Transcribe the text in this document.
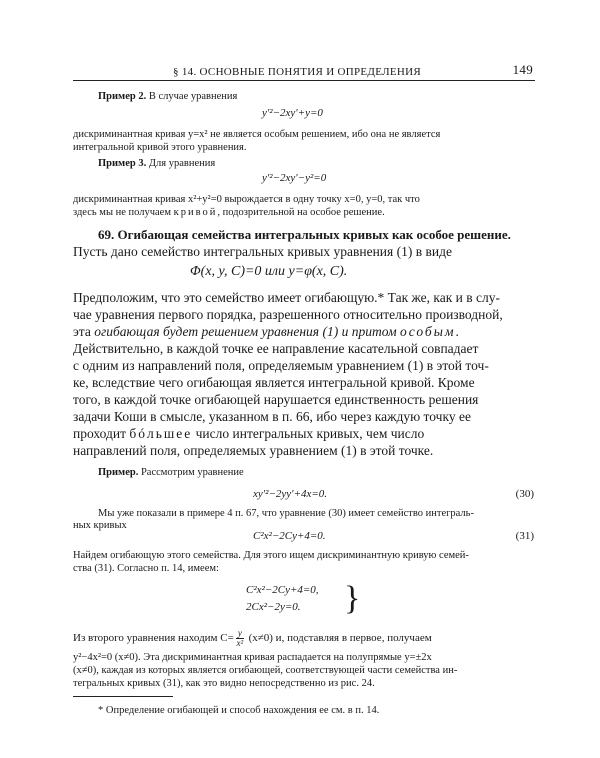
§ 14. ОСНОВНЫЕ ПОНЯТИЯ И ОПРЕДЕЛЕНИЯ	149
Пример 2. В случае уравнения
y′²−2xy′+y=0
дискриминантная кривая y=x² не является особым решением, ибо она не является
интегральной кривой этого уравнения.
Пример 3. Для уравнения
y′²−2xy′−y²=0
дискриминантная кривая x²+y²=0 вырождается в одну точку x=0, y=0, так что
здесь мы не получаем кривой, подозрительной на особое решение.
69. Огибающая семейства интегральных кривых как особое решение.
Пусть дано семейство интегральных кривых уравнения (1) в виде
Φ(x, y, C)=0 или y=φ(x, C).
Предположим, что это семейство имеет огибающую.* Так же, как и в слу-
чае уравнения первого порядка, разрешенного относительно производной,
эта огибающая будет решением уравнения (1) и притом особым.
Действительно, в каждой точке ее направление касательной совпадает
с одним из направлений поля, определяемым уравнением (1) в этой точ-
ке, вследствие чего огибающая является интегральной кривой. Кроме
того, в каждой точке огибающей нарушается единственность решения
задачи Коши в смысле, указанном в п. 66, ибо через каждую точку ее
проходит бóльшее число интегральных кривых, чем число
направлений поля, определяемых уравнением (1) в этой точке.
Пример. Рассмотрим уравнение
xy′²−2yy′+4x=0.	(30)
Мы уже показали в примере 4 п. 67, что уравнение (30) имеет семейство интеграль-
ных кривых
C²x²−2Cy+4=0.	(31)
Найдем огибающую этого семейства. Для этого ищем дискриминантную кривую семей-
ства (31). Согласно п. 14, имеем:
C²x²−2Cy+4=0,
2Cx²−2y=0. }
Из второго уравнения находим $C= \frac{y}{\text{x²}} (x\ne 0)$ и, подставляя в первое, получаем
y²−4x²=0 (x≠0). Эта дискриминантная кривая распадается на полупрямые y=±2x
(x≠0), каждая из которых является огибающей, соответствующей части семейства ин-
тегральных кривых (31), как это видно непосредственно из рис. 24.
* Определение огибающей и способ нахождения ее см. в п. 14.
